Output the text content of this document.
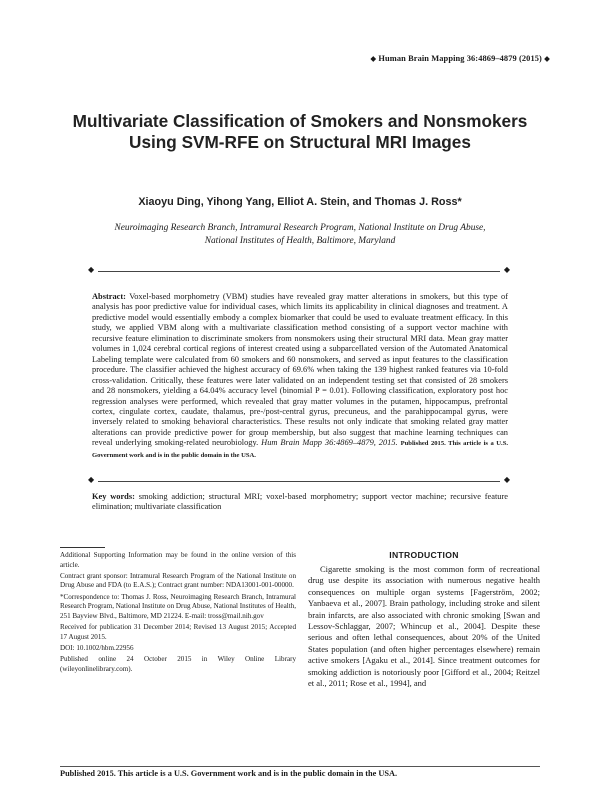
◆ Human Brain Mapping 36:4869–4879 (2015) ◆
Multivariate Classification of Smokers and Nonsmokers Using SVM-RFE on Structural MRI Images
Xiaoyu Ding, Yihong Yang, Elliot A. Stein, and Thomas J. Ross*
Neuroimaging Research Branch, Intramural Research Program, National Institute on Drug Abuse, National Institutes of Health, Baltimore, Maryland
◆	◆

Abstract: Voxel-based morphometry (VBM) studies have revealed gray matter alterations in smokers, but this type of analysis has poor predictive value for individual cases, which limits its applicability in clinical diagnoses and treatment. A predictive model would essentially embody a complex biomarker that could be used to evaluate treatment efficacy. In this study, we applied VBM along with a multivariate classification method consisting of a support vector machine with recursive feature elimination to discriminate smokers from nonsmokers using their structural MRI data. Mean gray matter volumes in 1,024 cerebral cortical regions of interest created using a subparcellated version of the Automated Anatomical Labeling template were calculated from 60 smokers and 60 nonsmokers, and served as input features to the classification procedure. The classifier achieved the highest accuracy of 69.6% when taking the 139 highest ranked features via 10-fold cross-validation. Critically, these features were later validated on an independent testing set that consisted of 28 smokers and 28 nonsmokers, yielding a 64.04% accuracy level (binomial P = 0.01). Following classification, exploratory post hoc regression analyses were performed, which revealed that gray matter volumes in the putamen, hippocampus, prefrontal cortex, cingulate cortex, caudate, thalamus, pre-/post-central gyrus, precuneus, and the parahippocampal gyrus, were inversely related to smoking behavioral characteristics. These results not only indicate that smoking related gray matter alterations can provide predictive power for group membership, but also suggest that machine learning techniques can reveal underlying smoking-related neurobiology. Hum Brain Mapp 36:4869–4879, 2015. Published 2015. This article is a U.S. Government work and is in the public domain in the USA.

◆	◆

Key words: smoking addiction; structural MRI; voxel-based morphometry; support vector machine; recursive feature elimination; multivariate classification

Additional Supporting Information may be found in the online version of this article.

Contract grant sponsor: Intramural Research Program of the National Institute on Drug Abuse and FDA (to E.A.S.); Contract grant number: NDA13001-001-00000.

*Correspondence to: Thomas J. Ross, Neuroimaging Research Branch, Intramural Research Program, National Institute on Drug Abuse, National Institutes of Health, 251 Bayview Blvd., Baltimore, MD 21224. E-mail: tross@mail.nih.gov

Received for publication 31 December 2014; Revised 13 August 2015; Accepted 17 August 2015.

DOI: 10.1002/hbm.22956

Published online 24 October 2015 in Wiley Online Library (wileyonlinelibrary.com).

INTRODUCTION

Cigarette smoking is the most common form of recreational drug use despite its association with numerous negative health consequences on multiple organ systems [Fagerström, 2002; Yanbaeva et al., 2007]. Brain pathology, including stroke and silent brain infarcts, are also associated with chronic smoking [Swan and Lessov-Schlaggar, 2007; Whincup et al., 2004]. Despite these serious and often lethal consequences, about 20% of the United States population (and often higher percentages elsewhere) remain active smokers [Agaku et al., 2014]. Since treatment outcomes for smoking addiction is notoriously poor [Gifford et al., 2004; Reitzel et al., 2011; Rose et al., 1994], and

Published 2015. This article is a U.S. Government work and is in the public domain in the USA.
